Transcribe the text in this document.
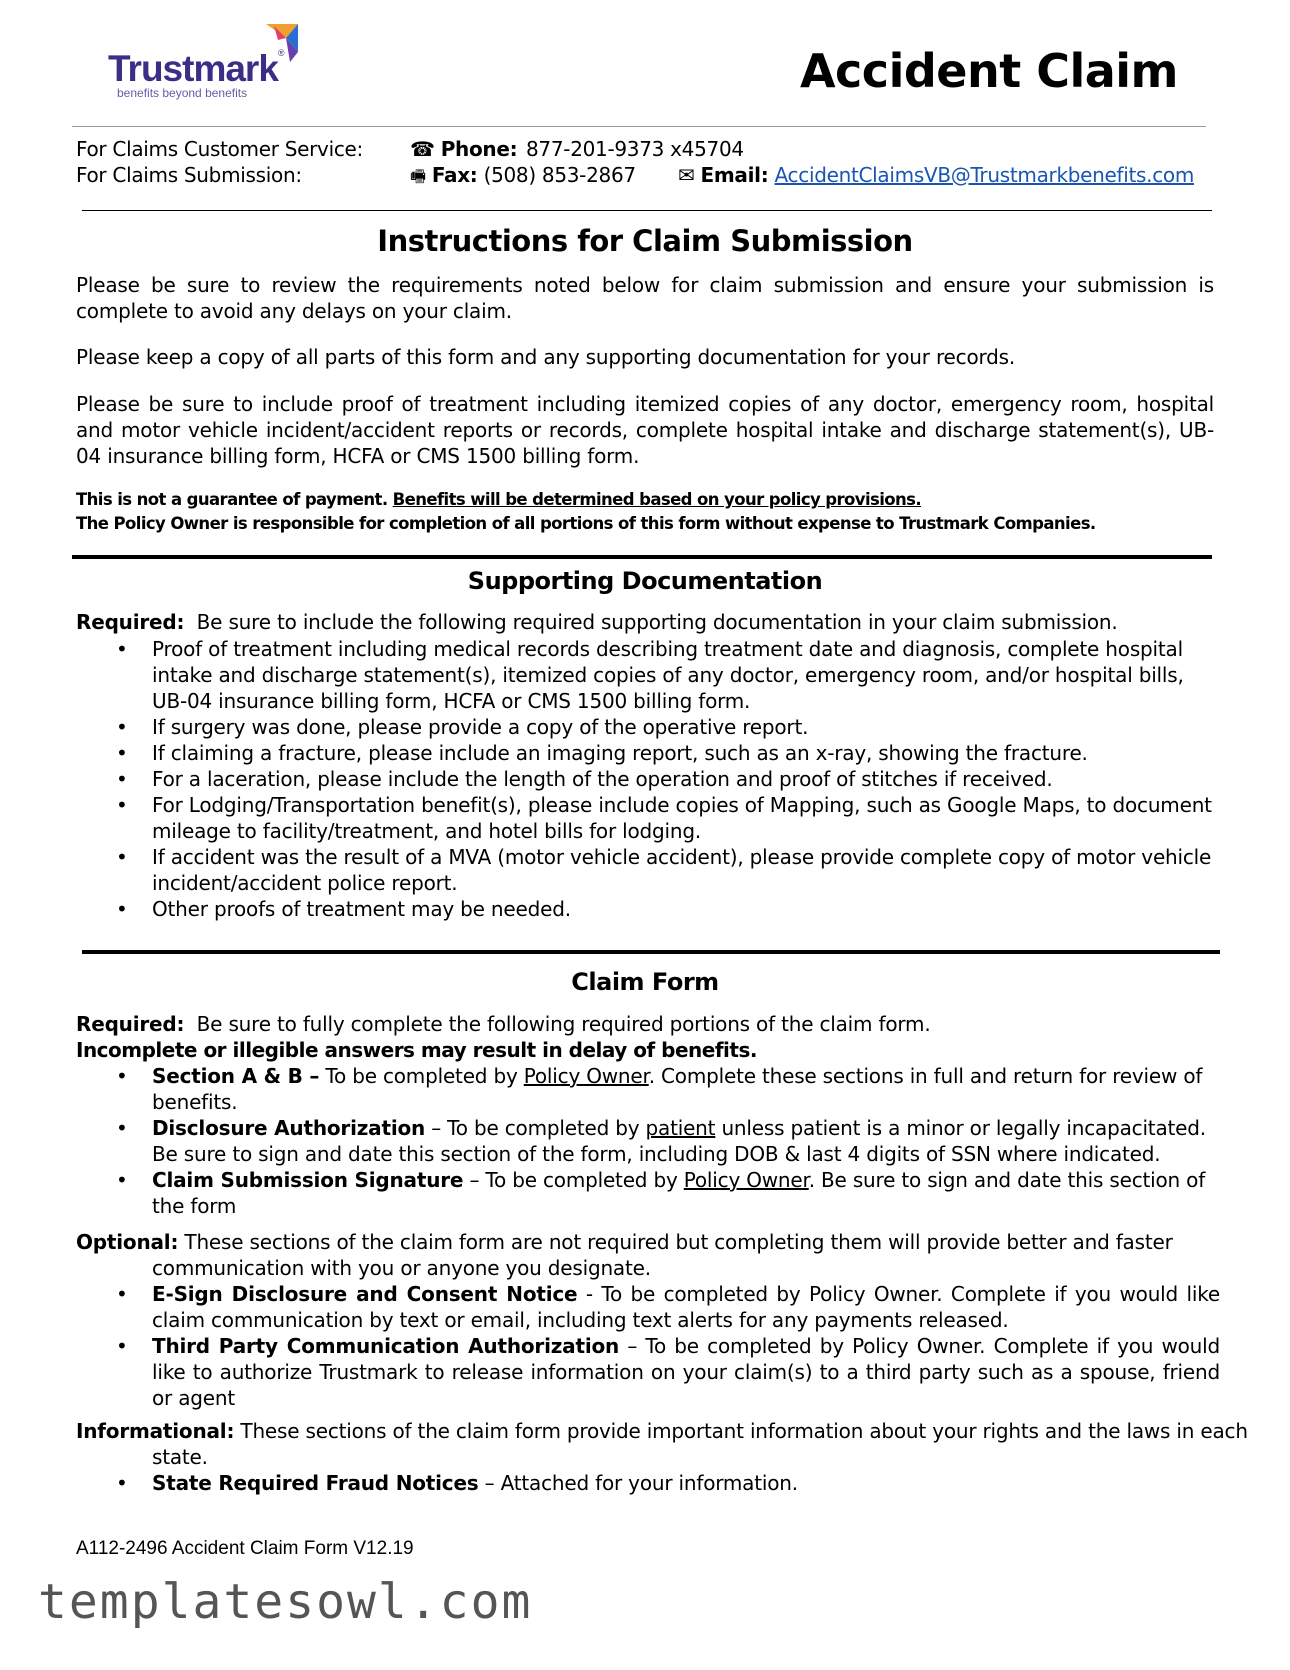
Trustmark®
benefits beyond benefits	Accident Claim
For Claims Customer Service: ☎ Phone: 877-201-9373 x45704
For Claims Submission:	🖷 Fax: (508) 853-2867 ✉ Email: AccidentClaimsVB@Trustmarkbenefits.com
Instructions for Claim Submission
Please be sure to review the requirements noted below for claim submission and ensure your submission is complete to avoid any delays on your claim.
Please keep a copy of all parts of this form and any supporting documentation for your records.
Please be sure to include proof of treatment including itemized copies of any doctor, emergency room, hospital and motor vehicle incident/accident reports or records, complete hospital intake and discharge statement(s), UB-04 insurance billing form, HCFA or CMS 1500 billing form.
This is not a guarantee of payment. Benefits will be determined based on your policy provisions.
The Policy Owner is responsible for completion of all portions of this form without expense to Trustmark Companies.
Supporting Documentation
Required: Be sure to include the following required supporting documentation in your claim submission.
• Proof of treatment including medical records describing treatment date and diagnosis, complete hospital intake and discharge statement(s), itemized copies of any doctor, emergency room, and/or hospital bills, UB-04 insurance billing form, HCFA or CMS 1500 billing form.
• If surgery was done, please provide a copy of the operative report.
• If claiming a fracture, please include an imaging report, such as an x-ray, showing the fracture.
• For a laceration, please include the length of the operation and proof of stitches if received.
• For Lodging/Transportation benefit(s), please include copies of Mapping, such as Google Maps, to document mileage to facility/treatment, and hotel bills for lodging.
• If accident was the result of a MVA (motor vehicle accident), please provide complete copy of motor vehicle incident/accident police report.
• Other proofs of treatment may be needed.
Claim Form
Required: Be sure to fully complete the following required portions of the claim form.
Incomplete or illegible answers may result in delay of benefits.
• Section A & B – To be completed by Policy Owner. Complete these sections in full and return for review of benefits.
• Disclosure Authorization – To be completed by patient unless patient is a minor or legally incapacitated. Be sure to sign and date this section of the form, including DOB & last 4 digits of SSN where indicated.
• Claim Submission Signature – To be completed by Policy Owner. Be sure to sign and date this section of the form
Optional: These sections of the claim form are not required but completing them will provide better and faster communication with you or anyone you designate.
• E-Sign Disclosure and Consent Notice - To be completed by Policy Owner. Complete if you would like claim communication by text or email, including text alerts for any payments released.
• Third Party Communication Authorization – To be completed by Policy Owner. Complete if you would like to authorize Trustmark to release information on your claim(s) to a third party such as a spouse, friend or agent
Informational: These sections of the claim form provide important information about your rights and the laws in each state.
• State Required Fraud Notices – Attached for your information.
A112-2496 Accident Claim Form V12.19
templatesowl.com
